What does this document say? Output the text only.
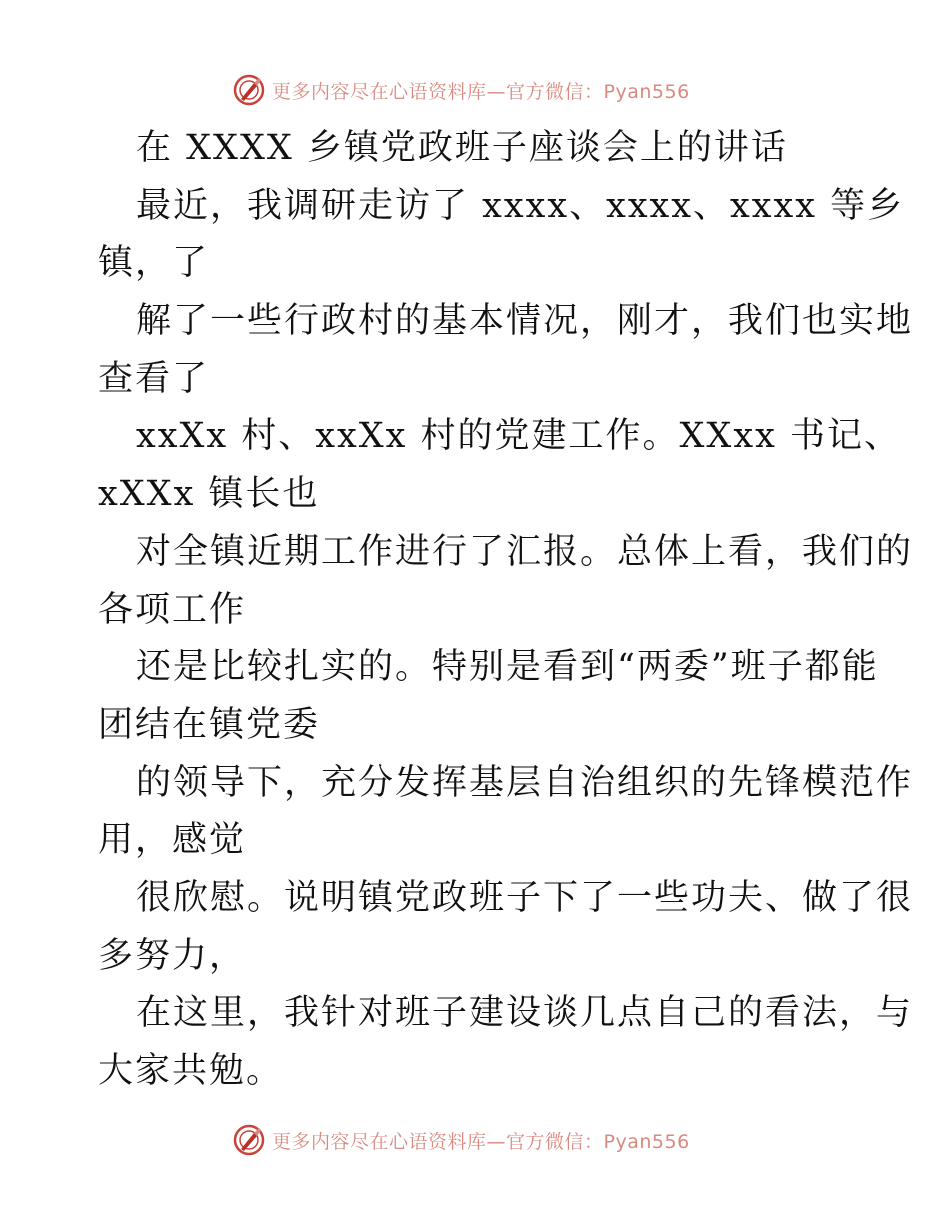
更多内容尽在心语资料库—官方微信：Pyan556
在 XXXX 乡镇党政班子座谈会上的讲话
最近，我调研走访了 xxxx、xxxx、xxxx 等乡
镇，了
解了一些行政村的基本情况，刚才，我们也实地
查看了
xxXx 村、xxXx 村的党建工作。XXxx 书记、
xXXx 镇长也
对全镇近期工作进行了汇报。总体上看，我们的
各项工作
还是比较扎实的。特别是看到“两委”班子都能
团结在镇党委
的领导下，充分发挥基层自治组织的先锋模范作
用，感觉
很欣慰。说明镇党政班子下了一些功夫、做了很
多努力，
在这里，我针对班子建设谈几点自己的看法，与
大家共勉。
更多内容尽在心语资料库—官方微信：Pyan556
